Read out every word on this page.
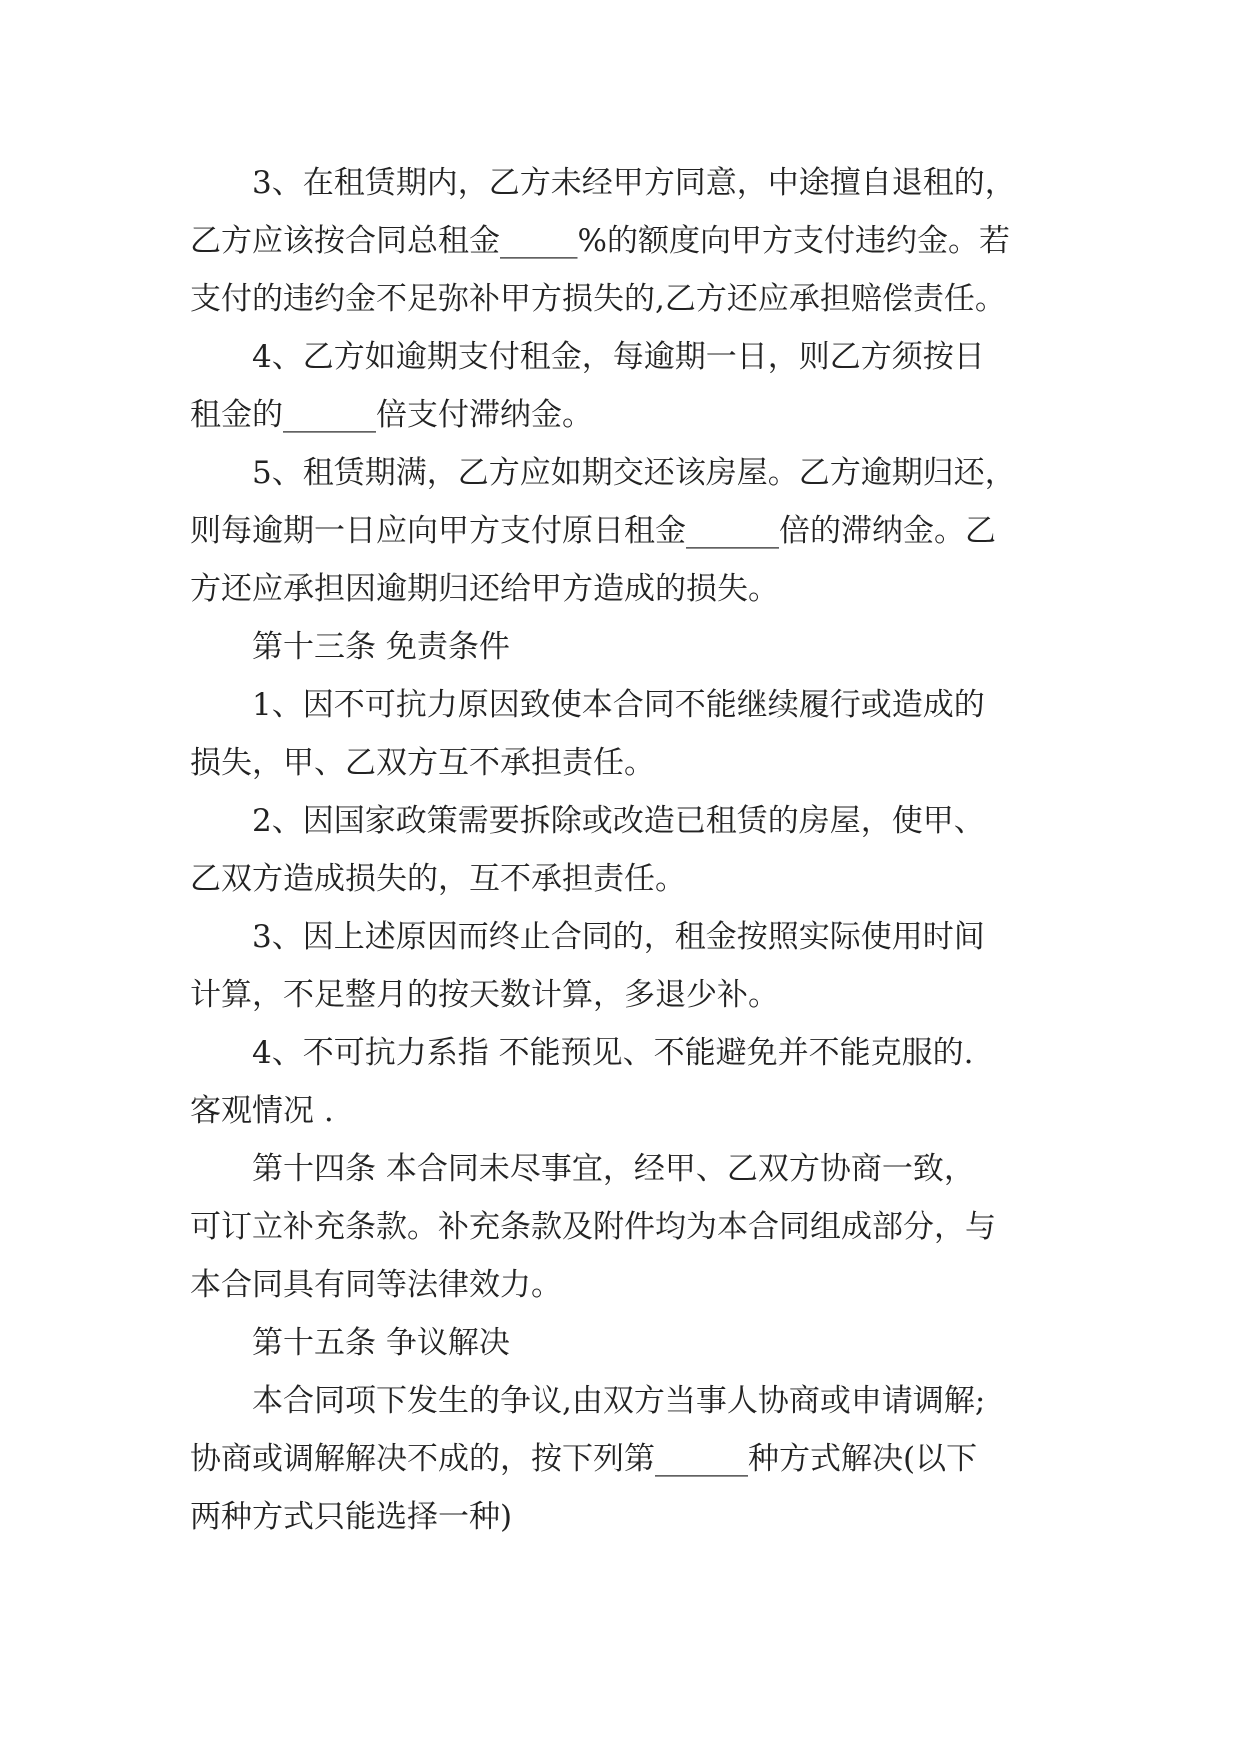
3、在租赁期内，乙方未经甲方同意，中途擅自退租的，
乙方应该按合同总租金_____%的额度向甲方支付违约金。若
支付的违约金不足弥补甲方损失的,乙方还应承担赔偿责任。
4、乙方如逾期支付租金，每逾期一日，则乙方须按日
租金的______倍支付滞纳金。
5、租赁期满，乙方应如期交还该房屋。乙方逾期归还，
则每逾期一日应向甲方支付原日租金______倍的滞纳金。乙
方还应承担因逾期归还给甲方造成的损失。
第十三条 免责条件
1、因不可抗力原因致使本合同不能继续履行或造成的
损失，甲、乙双方互不承担责任。
2、因国家政策需要拆除或改造已租赁的房屋，使甲、
乙双方造成损失的，互不承担责任。
3、因上述原因而终止合同的，租金按照实际使用时间
计算，不足整月的按天数计算，多退少补。
4、不可抗力系指 不能预见、不能避免并不能克服的.
客观情况 .
第十四条 本合同未尽事宜，经甲、乙双方协商一致，
可订立补充条款。补充条款及附件均为本合同组成部分，与
本合同具有同等法律效力。
第十五条 争议解决
本合同项下发生的争议,由双方当事人协商或申请调解;
协商或调解解决不成的，按下列第______种方式解决(以下
两种方式只能选择一种)
